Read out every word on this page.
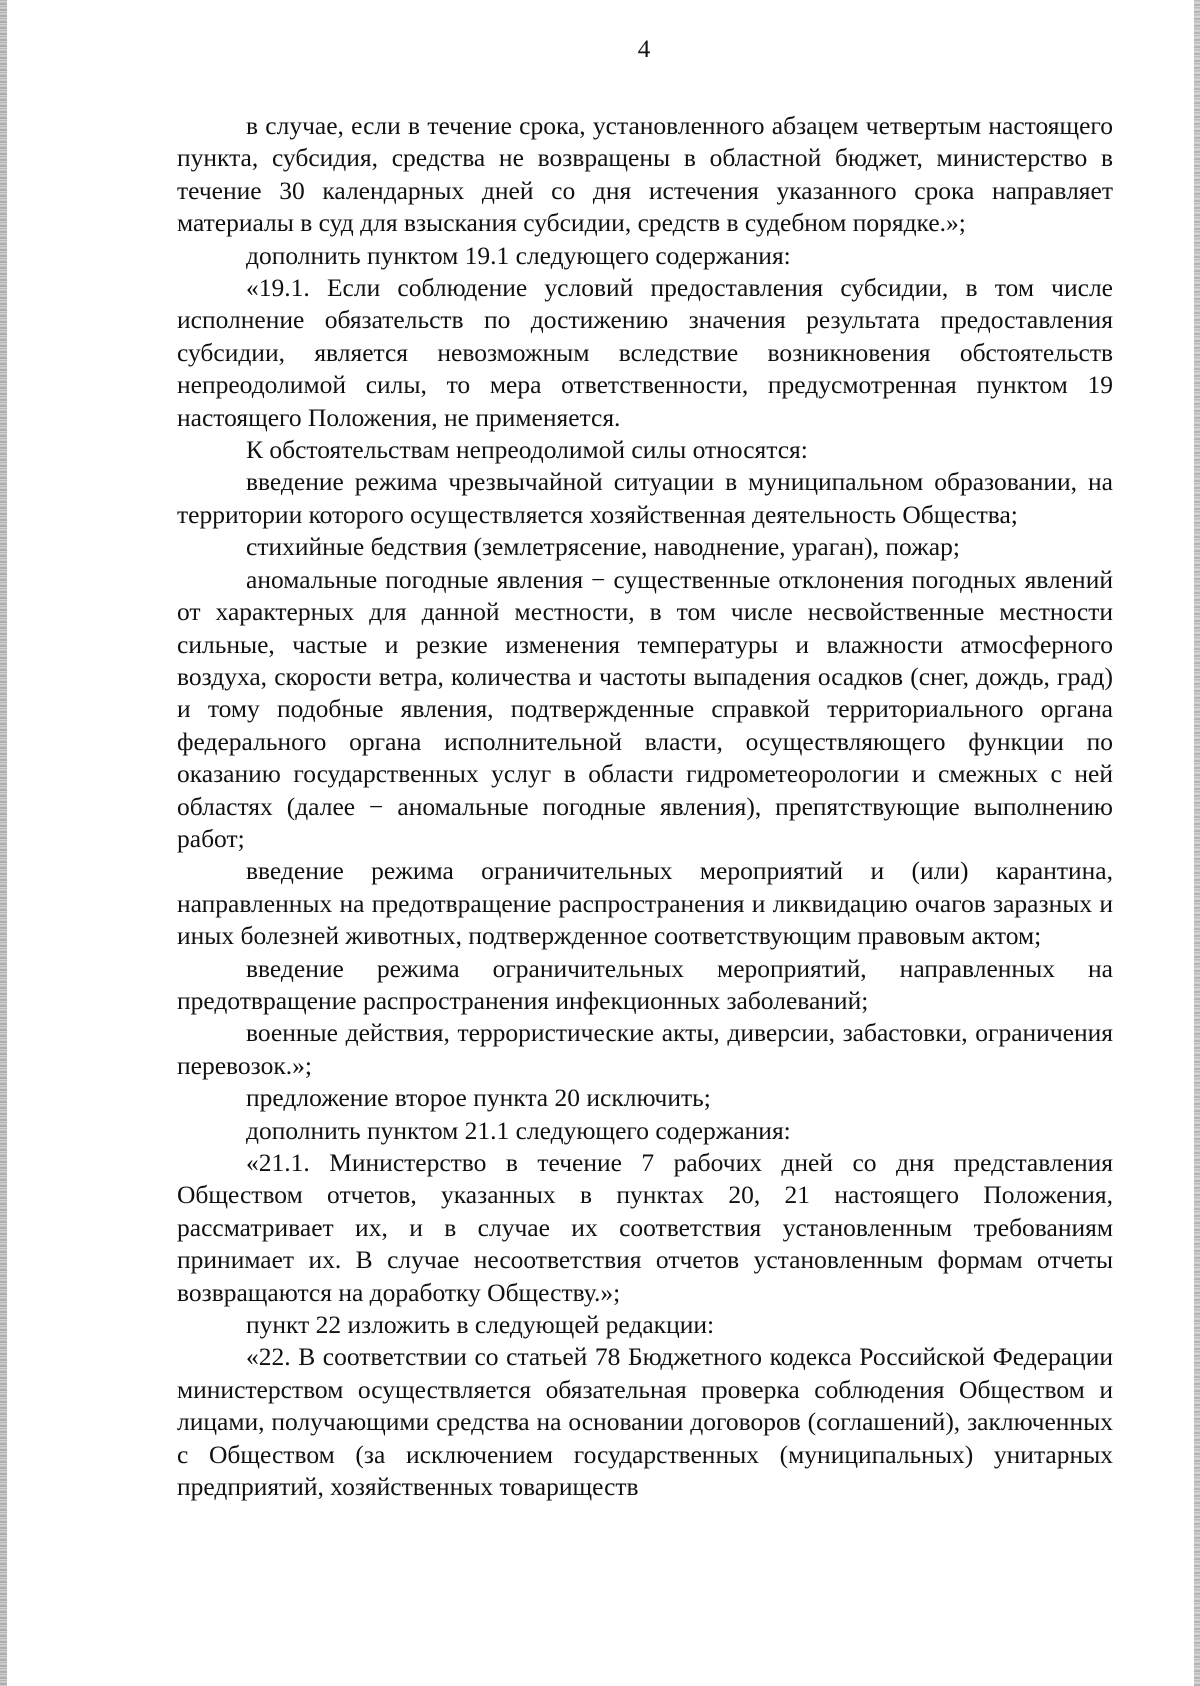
4

в случае, если в течение срока, установленного абзацем четвертым настоящего пункта, субсидия, средства не возвращены в областной бюджет, министерство в течение 30 календарных дней со дня истечения указанного срока направляет материалы в суд для взыскания субсидии, средств в судебном порядке.»;

дополнить пунктом 19.1 следующего содержания:

«19.1. Если соблюдение условий предоставления субсидии, в том числе исполнение обязательств по достижению значения результата предоставления субсидии, является невозможным вследствие возникновения обстоятельств непреодолимой силы, то мера ответственности, предусмотренная пунктом 19 настоящего Положения, не применяется.

К обстоятельствам непреодолимой силы относятся:

введение режима чрезвычайной ситуации в муниципальном образовании, на территории которого осуществляется хозяйственная деятельность Общества;

стихийные бедствия (землетрясение, наводнение, ураган), пожар;

аномальные погодные явления − существенные отклонения погодных явлений от характерных для данной местности, в том числе несвойственные местности сильные, частые и резкие изменения температуры и влажности атмосферного воздуха, скорости ветра, количества и частоты выпадения осадков (снег, дождь, град) и тому подобные явления, подтвержденные справкой территориального органа федерального органа исполнительной власти, осуществляющего функции по оказанию государственных услуг в области гидрометеорологии и смежных с ней областях (далее − аномальные погодные явления), препятствующие выполнению работ;

введение режима ограничительных мероприятий и (или) карантина, направленных на предотвращение распространения и ликвидацию очагов заразных и иных болезней животных, подтвержденное соответствующим правовым актом;

введение режима ограничительных мероприятий, направленных на предотвращение распространения инфекционных заболеваний;

военные действия, террористические акты, диверсии, забастовки, ограничения перевозок.»;

предложение второе пункта 20 исключить;

дополнить пунктом 21.1 следующего содержания:

«21.1. Министерство в течение 7 рабочих дней со дня представления Обществом отчетов, указанных в пунктах 20, 21 настоящего Положения, рассматривает их, и в случае их соответствия установленным требованиям принимает их. В случае несоответствия отчетов установленным формам отчеты возвращаются на доработку Обществу.»;

пункт 22 изложить в следующей редакции:

«22. В соответствии со статьей 78 Бюджетного кодекса Российской Федерации министерством осуществляется обязательная проверка соблюдения Обществом и лицами, получающими средства на основании договоров (соглашений), заключенных с Обществом (за исключением государственных (муниципальных) унитарных предприятий, хозяйственных товариществ
